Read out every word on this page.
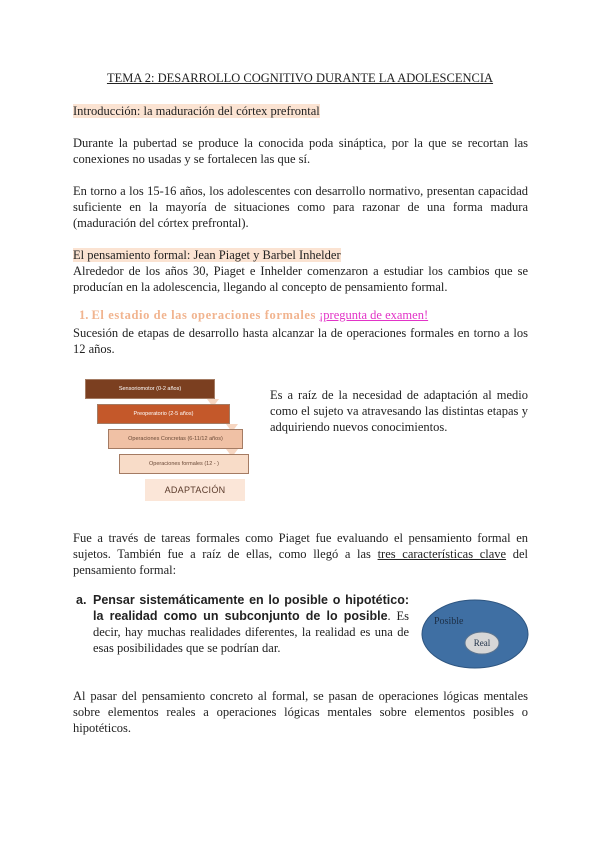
TEMA 2: DESARROLLO COGNITIVO DURANTE LA ADOLESCENCIA
Introducción: la maduración del córtex prefrontal
Durante la pubertad se produce la conocida poda sináptica, por la que se recortan las conexiones no usadas y se fortalecen las que sí.
En torno a los 15-16 años, los adolescentes con desarrollo normativo, presentan capacidad suficiente en la mayoría de situaciones como para razonar de una forma madura (maduración del córtex prefrontal).
El pensamiento formal: Jean Piaget y Barbel Inhelder
Alrededor de los años 30, Piaget e Inhelder comenzaron a estudiar los cambios que se producían en la adolescencia, llegando al concepto de pensamiento formal.
1. El estadio de las operaciones formales ¡pregunta de examen!
Sucesión de etapas de desarrollo hasta alcanzar la de operaciones formales en torno a los 12 años.
Sensoriomotor (0-2 años)
Preoperatorio (2-5 años)
Operaciones Concretas (6-11/12 años)
Operaciones formales (12 - )
ADAPTACIÓN
Es a raíz de la necesidad de adaptación al medio como el sujeto va atravesando las distintas etapas y adquiriendo nuevos conocimientos.
Fue a través de tareas formales como Piaget fue evaluando el pensamiento formal en sujetos. También fue a raíz de ellas, como llegó a las tres características clave del pensamiento formal:
a. Pensar sistemáticamente en lo posible o hipotético: la realidad como un subconjunto de lo posible. Es decir, hay muchas realidades diferentes, la realidad es una de esas posibilidades que se podrían dar.
Posible
Real
Al pasar del pensamiento concreto al formal, se pasan de operaciones lógicas mentales sobre elementos reales a operaciones lógicas mentales sobre elementos posibles o hipotéticos.
